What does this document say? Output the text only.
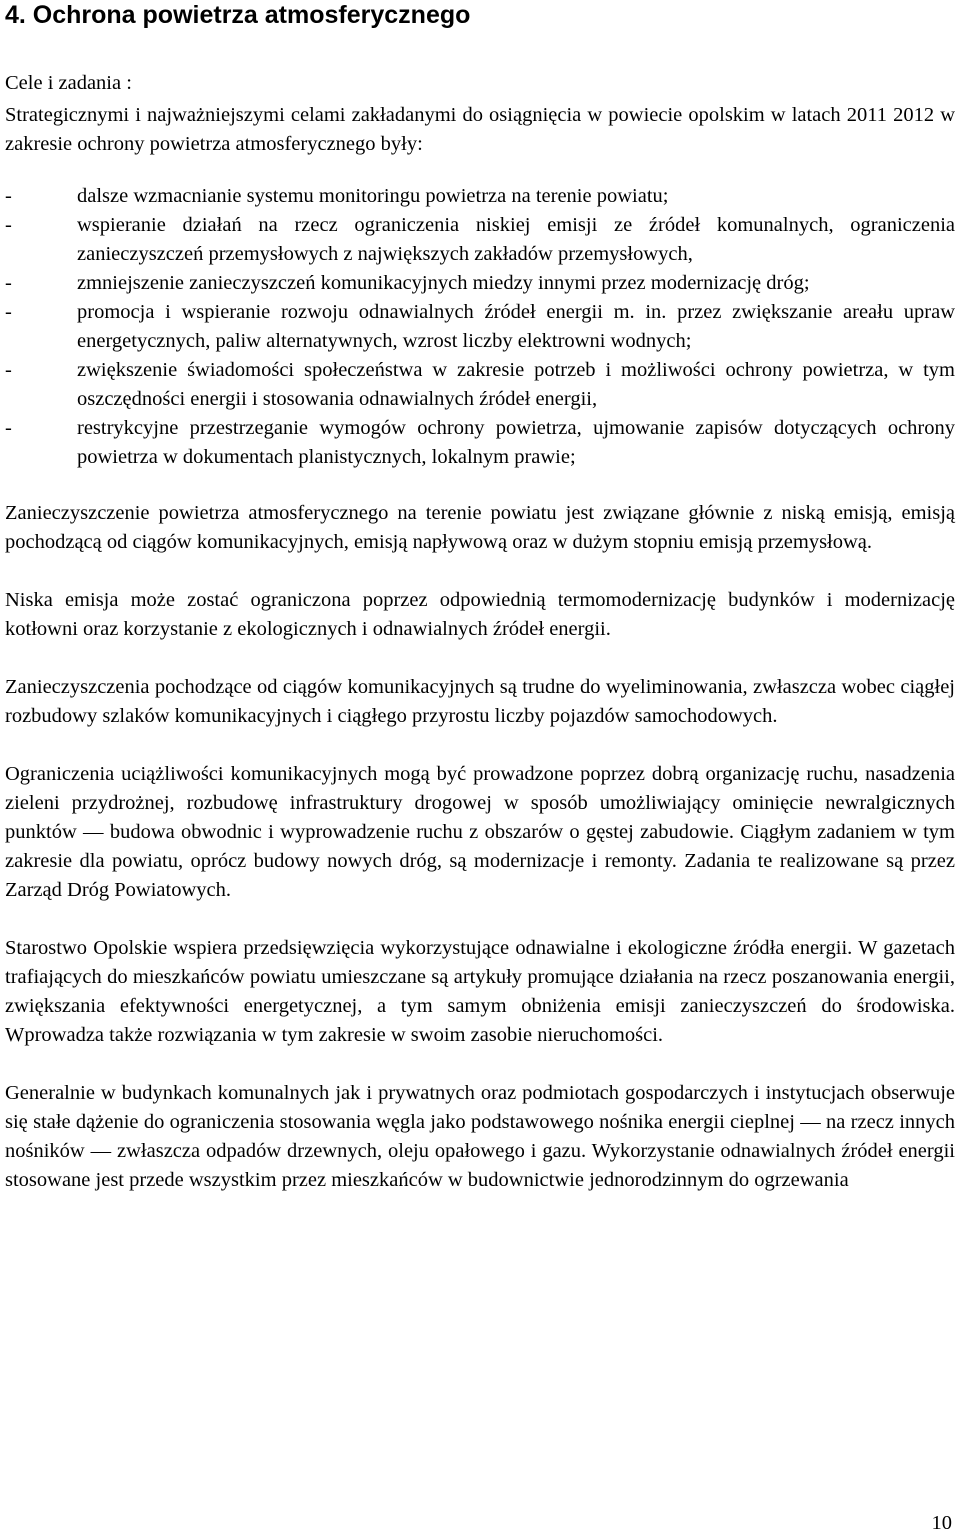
4. Ochrona powietrza atmosferycznego
Cele i zadania :
Strategicznymi i najważniejszymi celami zakładanymi do osiągnięcia w powiecie opolskim w latach 2011 2012 w zakresie ochrony powietrza atmosferycznego były:
-	dalsze wzmacnianie systemu monitoringu powietrza na terenie powiatu;
-	wspieranie działań na rzecz ograniczenia niskiej emisji ze źródeł komunalnych, ograniczenia zanieczyszczeń przemysłowych z największych zakładów przemysłowych,
-	zmniejszenie zanieczyszczeń komunikacyjnych miedzy innymi przez modernizację dróg;
-	promocja i wspieranie rozwoju odnawialnych źródeł energii m. in. przez zwiększanie areału upraw energetycznych, paliw alternatywnych, wzrost liczby elektrowni wodnych;
-	zwiększenie świadomości społeczeństwa w zakresie potrzeb i możliwości ochrony powietrza, w tym oszczędności energii i stosowania odnawialnych źródeł energii,
-	restrykcyjne przestrzeganie wymogów ochrony powietrza, ujmowanie zapisów dotyczących ochrony powietrza w dokumentach planistycznych, lokalnym prawie;

Zanieczyszczenie powietrza atmosferycznego na terenie powiatu jest związane głównie z niską emisją, emisją pochodzącą od ciągów komunikacyjnych, emisją napływową oraz w dużym stopniu emisją przemysłową.

Niska emisja może zostać ograniczona poprzez odpowiednią termomodernizację budynków i modernizację kotłowni oraz korzystanie z ekologicznych i odnawialnych źródeł energii.

Zanieczyszczenia pochodzące od ciągów komunikacyjnych są trudne do wyeliminowania, zwłaszcza wobec ciągłej rozbudowy szlaków komunikacyjnych i ciągłego przyrostu liczby pojazdów samochodowych.

Ograniczenia uciążliwości komunikacyjnych mogą być prowadzone poprzez dobrą organizację ruchu, nasadzenia zieleni przydrożnej, rozbudowę infrastruktury drogowej w sposób umożliwiający ominięcie newralgicznych punktów — budowa obwodnic i wyprowadzenie ruchu z obszarów o gęstej zabudowie. Ciągłym zadaniem w tym zakresie dla powiatu, oprócz budowy nowych dróg, są modernizacje i remonty. Zadania te realizowane są przez Zarząd Dróg Powiatowych.

Starostwo Opolskie wspiera przedsięwzięcia wykorzystujące odnawialne i ekologiczne źródła energii. W gazetach trafiających do mieszkańców powiatu umieszczane są artykuły promujące działania na rzecz poszanowania energii, zwiększania efektywności energetycznej, a tym samym obniżenia emisji zanieczyszczeń do środowiska. Wprowadza także rozwiązania w tym zakresie w swoim zasobie nieruchomości.

Generalnie w budynkach komunalnych jak i prywatnych oraz podmiotach gospodarczych i instytucjach obserwuje się stałe dążenie do ograniczenia stosowania węgla jako podstawowego nośnika energii cieplnej — na rzecz innych nośników — zwłaszcza odpadów drzewnych, oleju opałowego i gazu. Wykorzystanie odnawialnych źródeł energii stosowane jest przede wszystkim przez mieszkańców w budownictwie jednorodzinnym do ogrzewania

10
